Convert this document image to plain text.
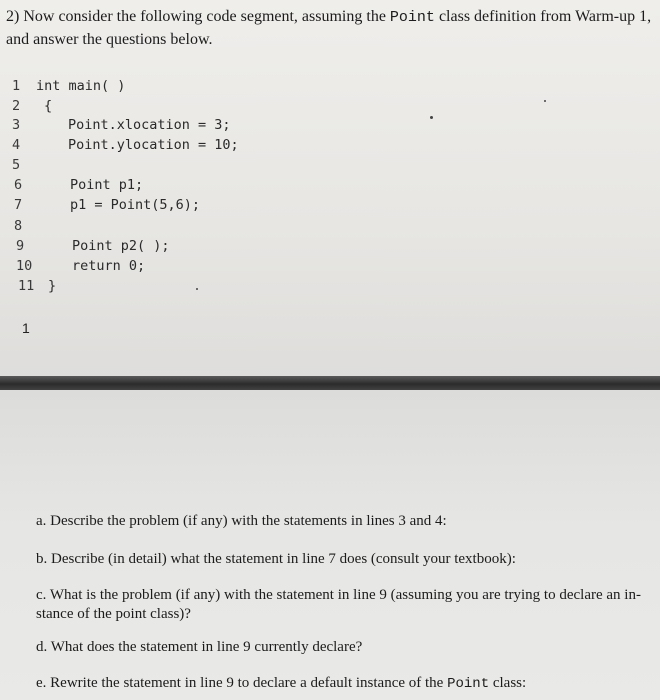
2) Now consider the following code segment, assuming the Point class definition from Warm-up 1, and answer the questions below.

1 int main( )
2 {
3	Point.xlocation = 3;
4	Point.ylocation = 10;
5
6	Point p1;
7	p1 = Point(5,6);
8
9	Point p2( );
10	return 0;
11 }
1

a. Describe the problem (if any) with the statements in lines 3 and 4:

b. Describe (in detail) what the statement in line 7 does (consult your textbook):

c. What is the problem (if any) with the statement in line 9 (assuming you are trying to declare an in-stance of the point class)?

d. What does the statement in line 9 currently declare?

e. Rewrite the statement in line 9 to declare a default instance of the Point class:
